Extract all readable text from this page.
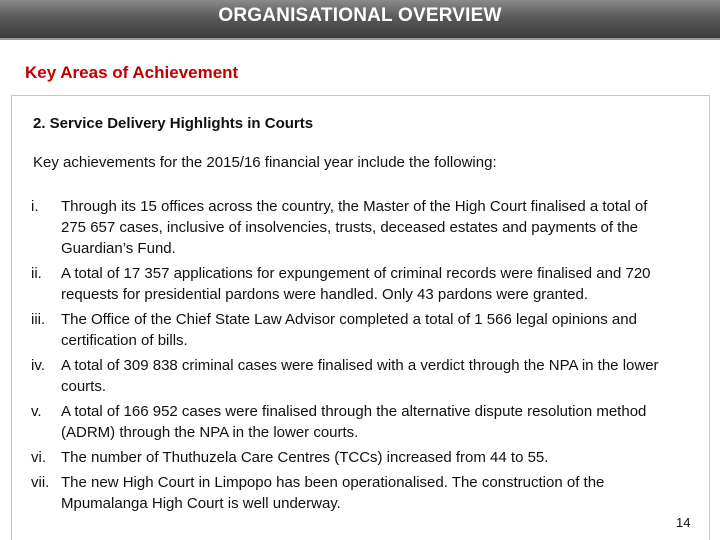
ORGANISATIONAL OVERVIEW
Key Areas of Achievement
2. Service Delivery Highlights in Courts
Key achievements for the 2015/16 financial year include the following:
i. Through its 15 offices across the country, the Master of the High Court finalised a total of 275 657 cases, inclusive of insolvencies, trusts, deceased estates and payments of the Guardian’s Fund.
ii. A total of 17 357 applications for expungement of criminal records were finalised and 720 requests for presidential pardons were handled. Only 43 pardons were granted.
iii. The Office of the Chief State Law Advisor completed a total of 1 566 legal opinions and certification of bills.
iv. A total of 309 838 criminal cases were finalised with a verdict through the NPA in the lower courts.
v. A total of 166 952 cases were finalised through the alternative dispute resolution method (ADRM) through the NPA in the lower courts.
vi. The number of Thuthuzela Care Centres (TCCs) increased from 44 to 55.
vii. The new High Court in Limpopo has been operationalised. The construction of the Mpumalanga High Court is well underway.
14
